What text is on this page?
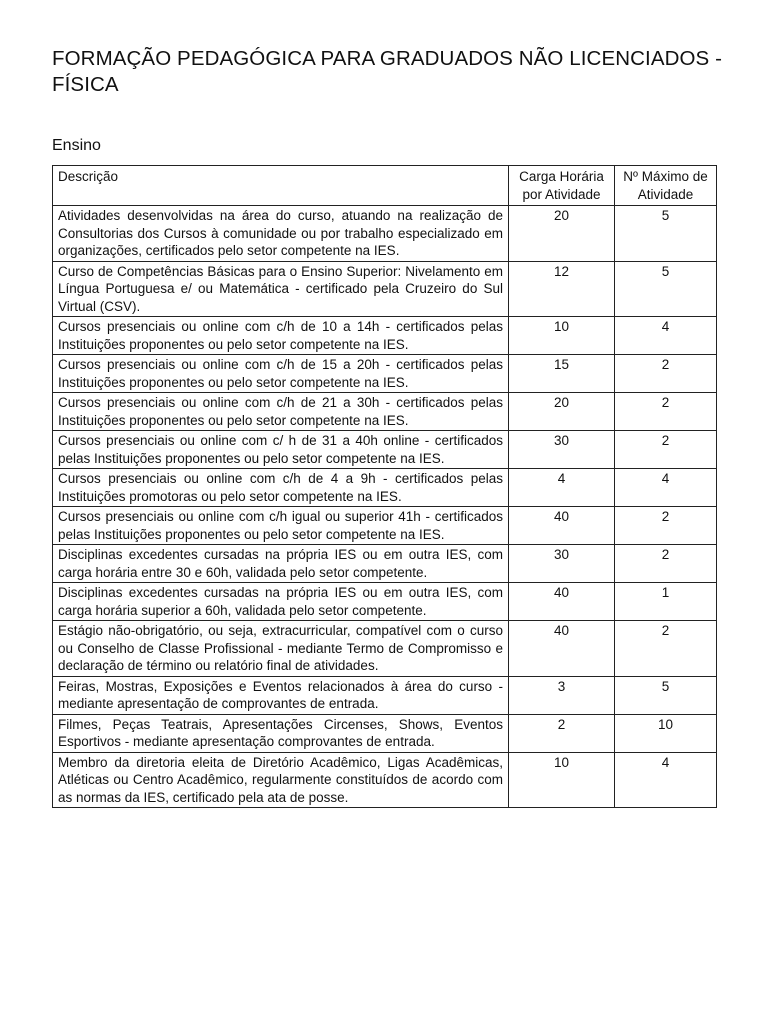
FORMAÇÃO PEDAGÓGICA PARA GRADUADOS NÃO LICENCIADOS - FÍSICA
Ensino
Descrição	Carga Horária por Atividade	Nº Máximo de Atividade
Atividades desenvolvidas na área do curso, atuando na realização de Consultorias dos Cursos à comunidade ou por trabalho especializado em organizações, certificados pelo setor competente na IES.	20	5
Curso de Competências Básicas para o Ensino Superior: Nivelamento em Língua Portuguesa e/ ou Matemática - certificado pela Cruzeiro do Sul Virtual (CSV).	12	5
Cursos presenciais ou online com c/h de 10 a 14h - certificados pelas Instituições proponentes ou pelo setor competente na IES.	10	4
Cursos presenciais ou online com c/h de 15 a 20h - certificados pelas Instituições proponentes ou pelo setor competente na IES.	15	2
Cursos presenciais ou online com c/h de 21 a 30h - certificados pelas Instituições proponentes ou pelo setor competente na IES.	20	2
Cursos presenciais ou online com c/ h de 31 a 40h online - certificados pelas Instituições proponentes ou pelo setor competente na IES.	30	2
Cursos presenciais ou online com c/h de 4 a 9h - certificados pelas Instituições promotoras ou pelo setor competente na IES.	4	4
Cursos presenciais ou online com c/h igual ou superior 41h - certificados pelas Instituições proponentes ou pelo setor competente na IES.	40	2
Disciplinas excedentes cursadas na própria IES ou em outra IES, com carga horária entre 30 e 60h, validada pelo setor competente.	30	2
Disciplinas excedentes cursadas na própria IES ou em outra IES, com carga horária superior a 60h, validada pelo setor competente.	40	1
Estágio não-obrigatório, ou seja, extracurricular, compatível com o curso ou Conselho de Classe Profissional - mediante Termo de Compromisso e declaração de término ou relatório final de atividades.	40	2
Feiras, Mostras, Exposições e Eventos relacionados à área do curso - mediante apresentação de comprovantes de entrada.	3	5
Filmes, Peças Teatrais, Apresentações Circenses, Shows, Eventos Esportivos - mediante apresentação comprovantes de entrada.	2	10
Membro da diretoria eleita de Diretório Acadêmico, Ligas Acadêmicas, Atléticas ou Centro Acadêmico, regularmente constituídos de acordo com as normas da IES, certificado pela ata de posse.	10	4
